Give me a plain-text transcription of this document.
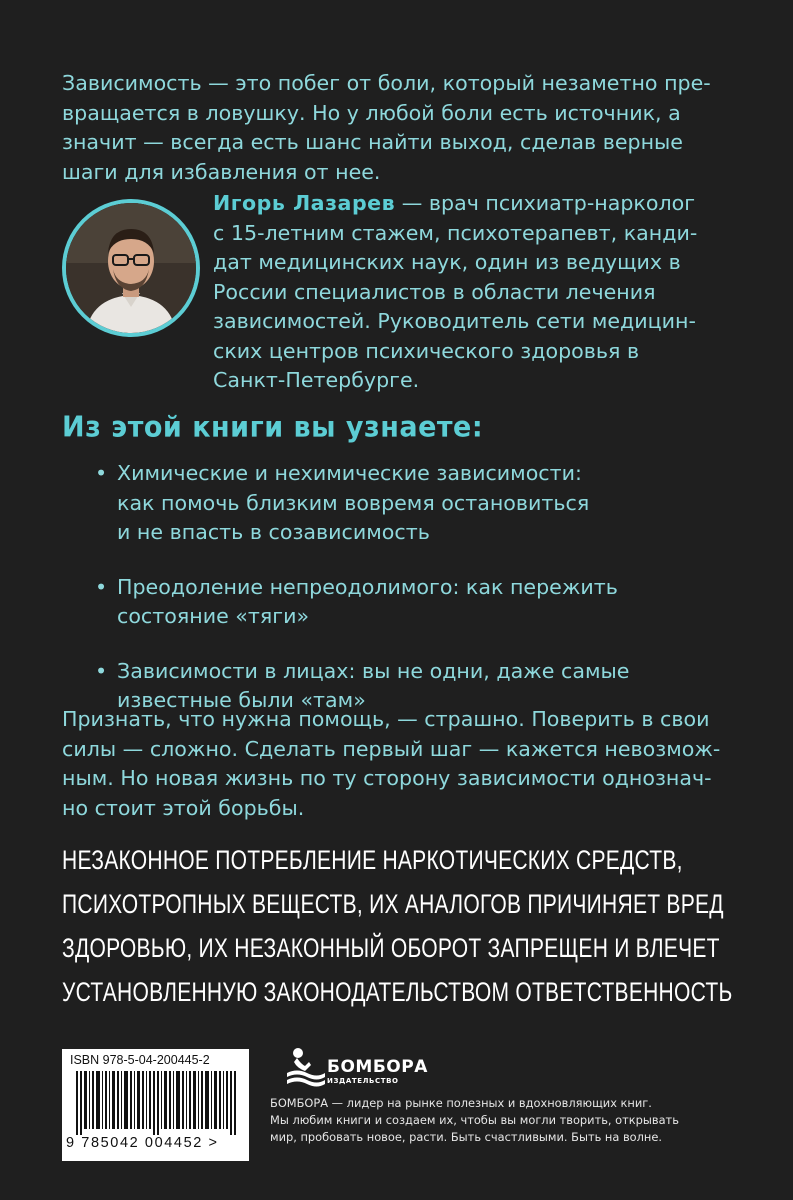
Зависимость — это побег от боли, который незаметно пре-
вращается в ловушку. Но у любой боли есть источник, а
значит — всегда есть шанс найти выход, сделав верные
шаги для избавления от нее.

Игорь Лазарев — врач психиатр-нарколог
с 15-летним стажем, психотерапевт, канди-
дат медицинских наук, один из ведущих в
России специалистов в области лечения
зависимостей. Руководитель сети медицин-
ских центров психического здоровья в
Санкт-Петербурге.

Из этой книги вы узнаете:
• Химические и нехимические зависимости:
как помочь близким вовремя остановиться
и не впасть в созависимость
• Преодоление непреодолимого: как пережить
состояние «тяги»
• Зависимости в лицах: вы не одни, даже самые
известные были «там»

Признать, что нужна помощь, — страшно. Поверить в свои
силы — сложно. Сделать первый шаг — кажется невозмож-
ным. Но новая жизнь по ту сторону зависимости однознач-
но стоит этой борьбы.

НЕЗАКОННОЕ ПОТРЕБЛЕНИЕ НАРКОТИЧЕСКИХ СРЕДСТВ,
ПСИХОТРОПНЫХ ВЕЩЕСТВ, ИХ АНАЛОГОВ ПРИЧИНЯЕТ ВРЕД
ЗДОРОВЬЮ, ИХ НЕЗАКОННЫЙ ОБОРОТ ЗАПРЕЩЕН И ВЛЕЧЕТ
УСТАНОВЛЕННУЮ ЗАКОНОДАТЕЛЬСТВОМ ОТВЕТСТВЕННОСТЬ

ISBN 978-5-04-200445-2

9 785042 004452 >

БОМБОРА

ИЗДАТЕЛЬСТВО

БОМБОРА — лидер на рынке полезных и вдохновляющих книг.
Мы любим книги и создаем их, чтобы вы могли творить, открывать
мир, пробовать новое, расти. Быть счастливыми. Быть на волне.
